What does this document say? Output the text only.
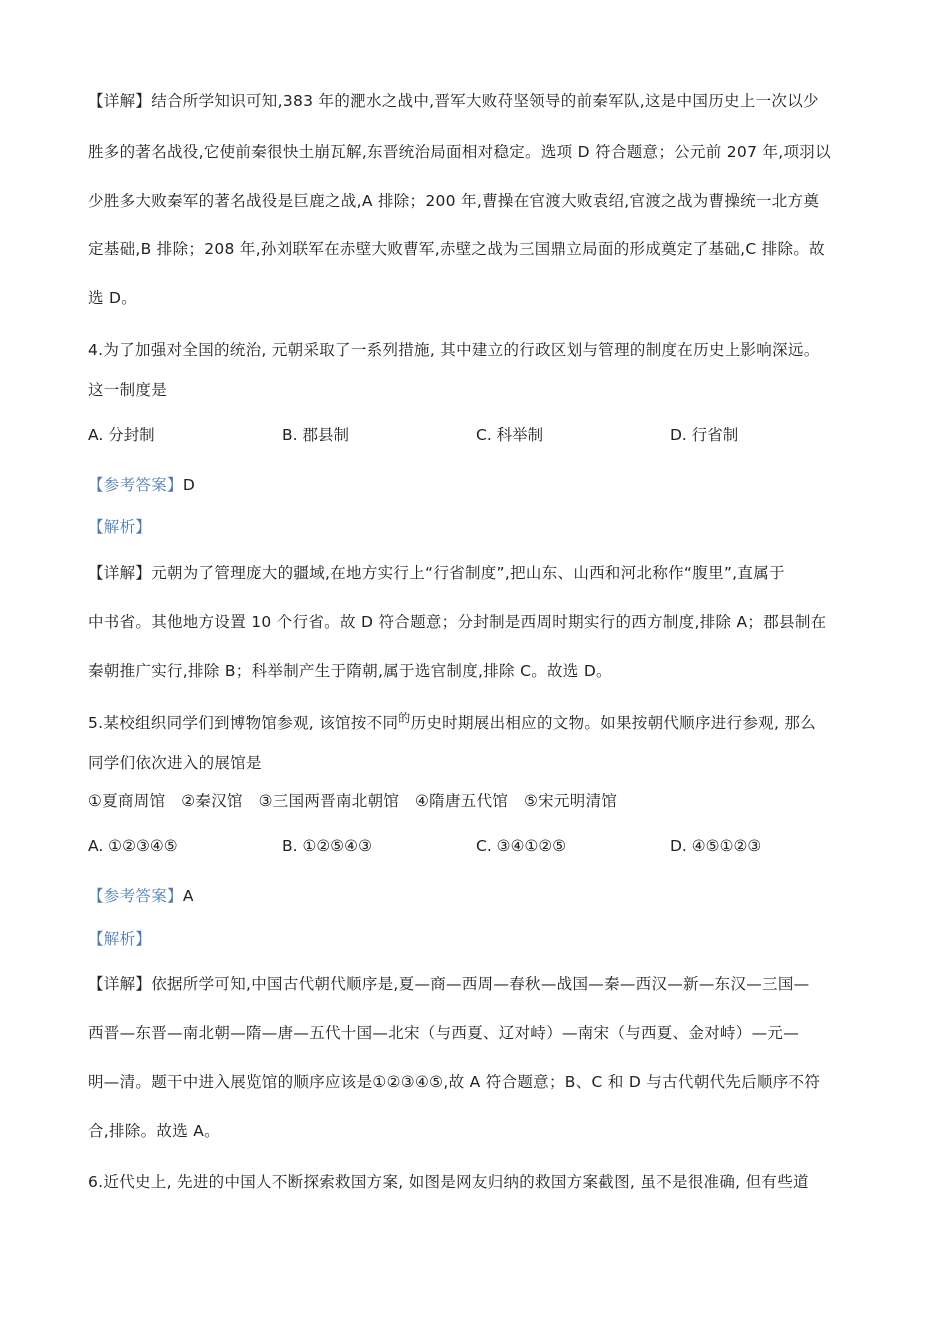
【详解】结合所学知识可知,383 年的淝水之战中,晋军大败苻坚领导的前秦军队,这是中国历史上一次以少
胜多的著名战役,它使前秦很快土崩瓦解,东晋统治局面相对稳定。选项 D 符合题意；公元前 207 年,项羽以
少胜多大败秦军的著名战役是巨鹿之战,A 排除；200 年,曹操在官渡大败袁绍,官渡之战为曹操统一北方奠
定基础,B 排除；208 年,孙刘联军在赤壁大败曹军,赤壁之战为三国鼎立局面的形成奠定了基础,C 排除。故
选 D。
4.为了加强对全国的统治, 元朝采取了一系列措施, 其中建立的行政区划与管理的制度在历史上影响深远。
这一制度是
A. 分封制	B. 郡县制	C. 科举制	D. 行省制
【参考答案】D
【解析】
【详解】元朝为了管理庞大的疆域,在地方实行上“行省制度”,把山东、山西和河北称作“腹里”,直属于
中书省。其他地方设置 10 个行省。故 D 符合题意；分封制是西周时期实行的西方制度,排除 A；郡县制在
秦朝推广实行,排除 B；科举制产生于隋朝,属于选官制度,排除 C。故选 D。
5.某校组织同学们到博物馆参观, 该馆按不同$^的$历史时期展出相应的文物。如果按朝代顺序进行参观, 那么
同学们依次进入的展馆是
①夏商周馆　②秦汉馆　③三国两晋南北朝馆　④隋唐五代馆　⑤宋元明清馆
A. ①②③④⑤	B. ①②⑤④③	C. ③④①②⑤	D. ④⑤①②③
【参考答案】A
【解析】
【详解】依据所学可知,中国古代朝代顺序是,夏—商—西周—春秋—战国—秦—西汉—新—东汉—三国—
西晋—东晋—南北朝—隋—唐—五代十国—北宋（与西夏、辽对峙）—南宋（与西夏、金对峙）—元—
明—清。题干中进入展览馆的顺序应该是①②③④⑤,故 A 符合题意；B、C 和 D 与古代朝代先后顺序不符
合,排除。故选 A。
6.近代史上, 先进的中国人不断探索救国方案, 如图是网友归纳的救国方案截图, 虽不是很准确, 但有些道
